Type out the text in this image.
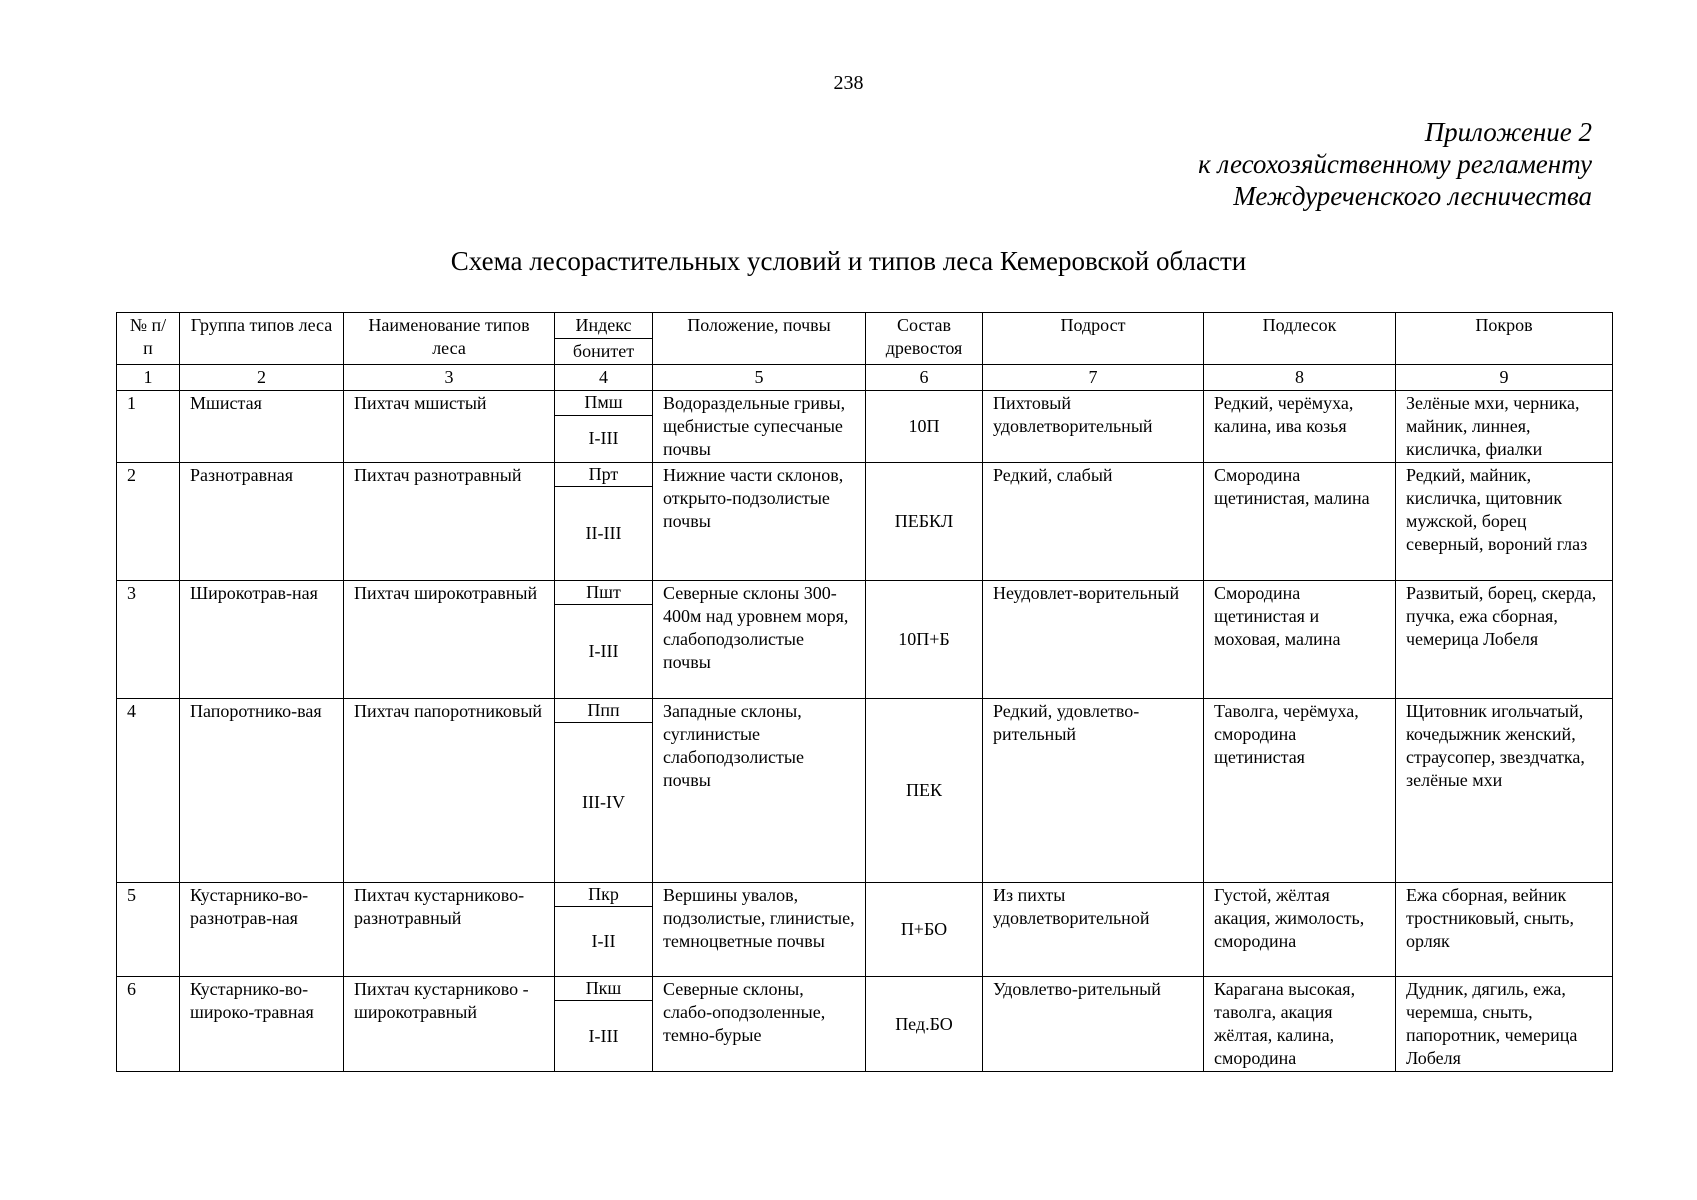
238
Приложение 2
к лесохозяйственному регламенту
Междуреченского лесничества
Схема лесорастительных условий и типов леса Кемеровской области
№ п/п	Группа типов леса	Наименование типов леса	Индекс	Положение, почвы	Состав древостоя	Подрост	Подлесок	Покров
			бонитет					
1	2	3	4	5	6	7	8	9
1	Мшистая	Пихтач мшистый	Пмш	Водораздельные гривы, щебнистые супесчаные почвы	10П	Пихтовый удовлетворительный	Редкий, черёмуха, калина, ива козья	Зелёные мхи, черника, майник, линнея, кисличка, фиалки
			I-III					
2	Разнотравная	Пихтач разнотравный	Прт	Нижние части склонов, открыто-подзолистые почвы	ПЕБКЛ	Редкий, слабый	Смородина щетинистая, малина	Редкий, майник, кисличка, щитовник мужской, борец северный, вороний глаз
			II-III					
3	Широкотрав-ная	Пихтач широкотравный	Пшт	Северные склоны 300-400м над уровнем моря, слабоподзолистые почвы	10П+Б	Неудовлет-ворительный	Смородина щетинистая и моховая, малина	Развитый, борец, скерда, пучка, ежа сборная, чемерица Лобеля
			I-III					
4	Папоротнико-вая	Пихтач папоротниковый	Ппп	Западные склоны, суглинистые слабоподзолистые почвы	ПЕК	Редкий, удовлетво-рительный	Таволга, черёмуха, смородина щетинистая	Щитовник игольчатый, кочедыжник женский, страусопер, звездчатка, зелёные мхи
			III-IV					
5	Кустарнико-во-разнотрав-ная	Пихтач кустарниково-разнотравный	Пкр	Вершины увалов, подзолистые, глинистые, темноцветные почвы	П+БО	Из пихты удовлетворительной	Густой, жёлтая акация, жимолость, смородина	Ежа сборная, вейник тростниковый, сныть, орляк
			I-II					
6	Кустарнико-во-широко-травная	Пихтач кустарниково - широкотравный	Пкш	Северные склоны, слабо-оподзоленные, темно-бурые	Пед.БО	Удовлетво-рительный	Карагана высокая, таволга, акация жёлтая, калина, смородина	Дудник, дягиль, ежа, черемша, сныть, папоротник, чемерица Лобеля
			I-III					
